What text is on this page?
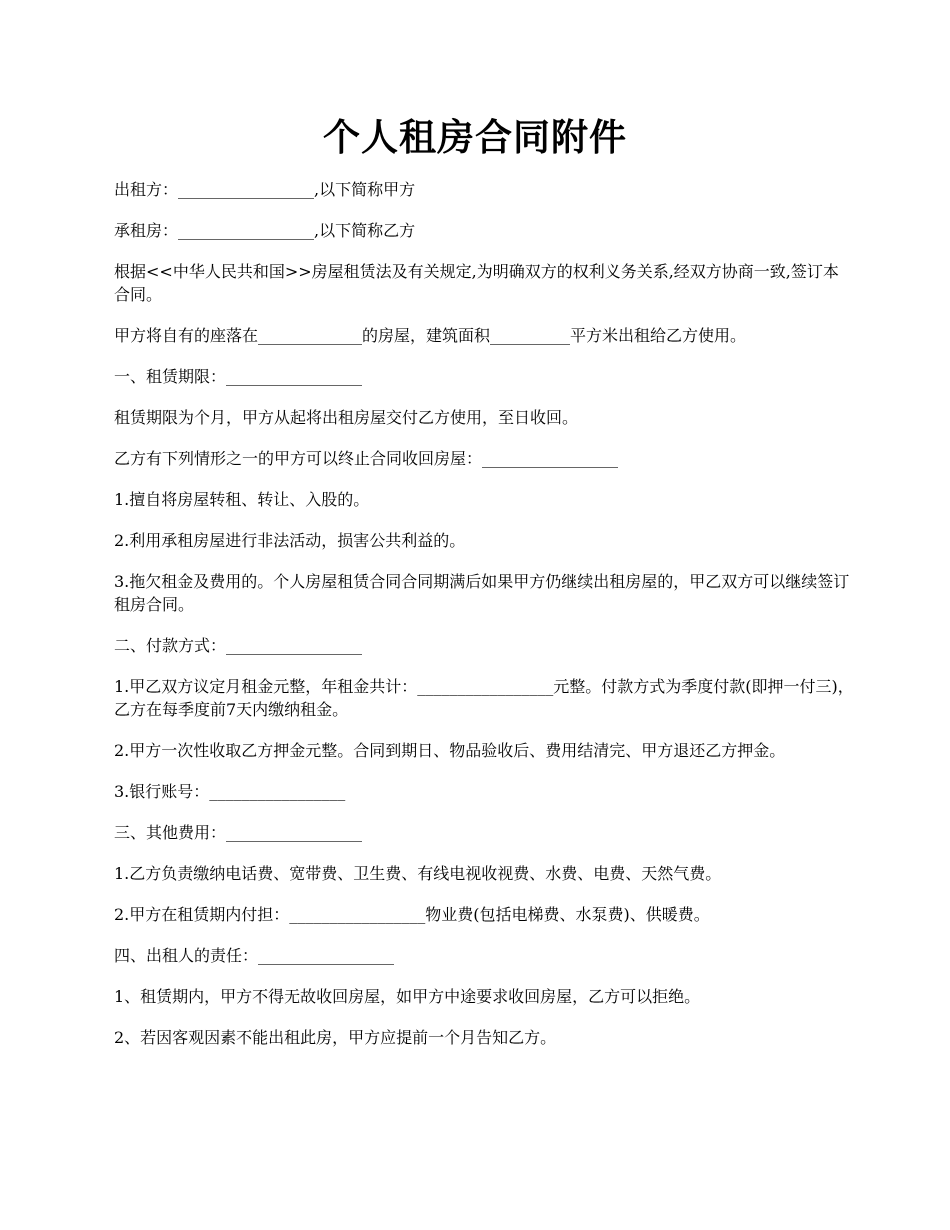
个人租房合同附件

出租方：_________________,以下简称甲方

承租房：_________________,以下简称乙方

根据<<中华人民共和国>>房屋租赁法及有关规定,为明确双方的权利义务关系,经双方协商一致,签订本合同。

甲方将自有的座落在_____________的房屋，建筑面积__________平方米出租给乙方使用。

一、租赁期限：_________________

租赁期限为个月，甲方从起将出租房屋交付乙方使用，至日收回。

乙方有下列情形之一的甲方可以终止合同收回房屋：_________________

1.擅自将房屋转租、转让、入股的。

2.利用承租房屋进行非法活动，损害公共利益的。

3.拖欠租金及费用的。个人房屋租赁合同合同期满后如果甲方仍继续出租房屋的，甲乙双方可以继续签订租房合同。

二、付款方式：_________________

1.甲乙双方议定月租金元整，年租金共计：_________________元整。付款方式为季度付款(即押一付三)，乙方在每季度前7天内缴纳租金。

2.甲方一次性收取乙方押金元整。合同到期日、物品验收后、费用结清完、甲方退还乙方押金。

3.银行账号：_________________

三、其他费用：_________________

1.乙方负责缴纳电话费、宽带费、卫生费、有线电视收视费、水费、电费、天然气费。

2.甲方在租赁期内付担：_________________物业费(包括电梯费、水泵费)、供暖费。

四、出租人的责任：_________________

1、租赁期内，甲方不得无故收回房屋，如甲方中途要求收回房屋，乙方可以拒绝。

2、若因客观因素不能出租此房，甲方应提前一个月告知乙方。
